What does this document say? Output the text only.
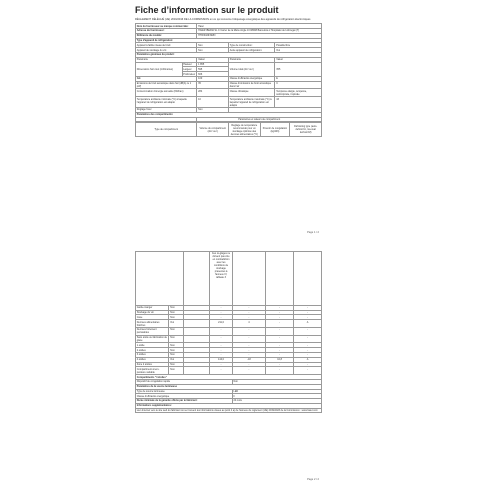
Fiche d’information sur le produit
RÈGLEMENT DÉLÉGUÉ (UE) 2019/2016 DE LA COMMISSION en ce qui concerne l'étiquetage énergétique des appareils de réfrigération électroniques
Nom du fournisseur ou marque commerciale:		Haier		
Adresse du fournisseur:		HAIER IBERIA SL C Carrer de la Marie Angle 13 08908 Barcelona L'Hospitalet de Llobregat (T)		
Référence du modèle:		HTR3619FNMN		
Type d'appareil de réfrigération:				
Appareil à faible niveau de bruit:		Non	Type de construction:	Posable libre
Appareil de stockage du vin:		Non	Autre appareil de réfrigération:	Oui
Paramètres généraux du produit:				
Paramètre		Valeur	Paramètre	Valeur
Dimensions hors tout (millimètres)	Hauteur	1 855	Volume total (dm³ ou l)	355
	Largeur	595		
	Profondeur	666		
IEE		100	Classe d'efficacité énergétique	E
Émissions de bruit acoustique dans l'air (dB(A) re 1 pW)		35	Classe d'émissions de bruit acoustique dans l'air	C
Consommation d'énergie annuelle (kWh/an)		284	Classe climatique	Tempérée élargie, tempérée, subtropicale, tropicale
Température ambiante minimale (°C) à laquelle l'appareil de réfrigération est adapté		10	Température ambiante maximale (°C) à laquelle l'appareil de réfrigération est adapté	43
Réglage hiver		Non		
Paramètres des compartiments:				
		Paramètres et valeurs de compartiment		
Type de compartiment	Volume du compartiment (dm³ ou l)	Réglage de température recommandé pour un stockage optimisé des denrées alimentaires (°C)	Pouvoir de congélation (kg/24h)	Défrosting type (auto-defrost=A, ma-nual defrost=M)
Page 1 / 2
			Ces ré-glages ne doivent pas être en contradiction avec les conditions de stockage présentes à l'annexe IV, tableau 3			
Garde-manger	Non		-	-	-	-
Stockage du vin	Non		-	-	-	-
Cave	Non		-	-	-	-
Denrées alimentaires fraîches	Oui		211,0	4	-	A
Denrées fortement périssables	Non		-	-	-	-
Sans étoile ou fabrication de glace	Non		-	-	-	-
1 étoile	Non		-	-	-	-
2 étoiles	Non		-	-	-	-
3 étoiles	Non		-	-	-	-
4 étoiles	Oui		144,0	-18	10,8	A
Zone 2 étoiles	Non		-	-	-	-
Compartiment à tem-pérature variable	Non		-	-	-	-
Compartiments "4 étoiles"						
Dispositif de congélation rapide				Non		
Paramètres de la source lumineuse						
Type de source lumineuse				LED		
Classe d'efficacité énergétique				F		
Durée minimale de la garantie offerte par le fabricant:				24 mois		
Informations supplémentaires:						
Lien Internet vers le site web du fabricant où se trouvent les informations visées au point 4 a) de l'annexe du règlement (UE) 2019/2023 de la Commission : www.haier.com						
Page 2 / 2
